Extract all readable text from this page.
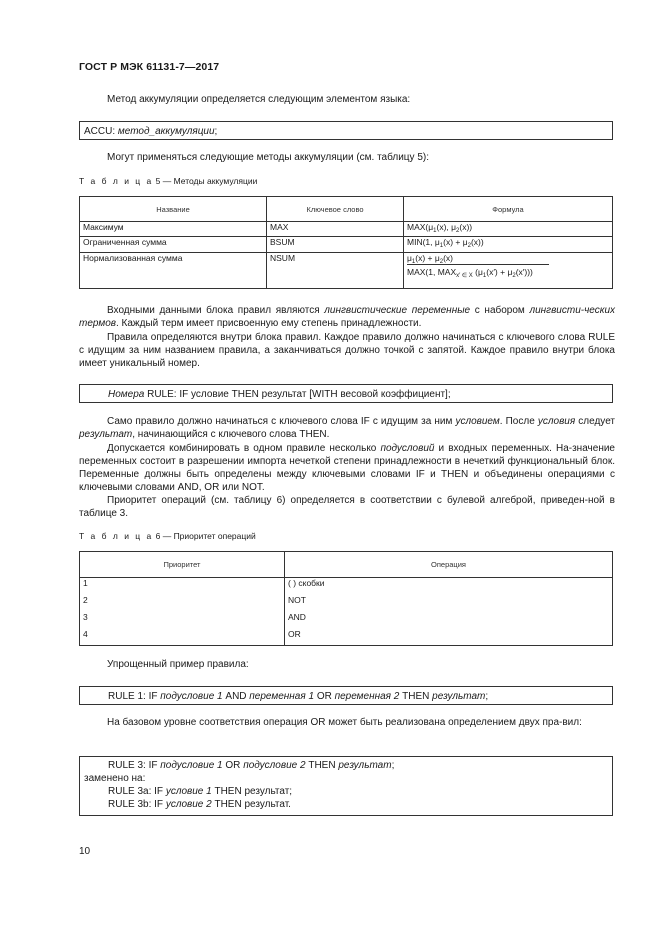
ГОСТ Р МЭК 61131-7—2017
Метод аккумуляции определяется следующим элементом языка:
ACCU: метод_аккумуляции;
Могут применяться следующие методы аккумуляции (см. таблицу 5):
Т а б л и ц а 5 — Методы аккумуляции
Название	Ключевое слово	Формула
Максимум	MAX	$MAX(\mu_1(x)$, $\mu_2(x)$)
Ограниченная сумма	BSUM	MIN(1, $\mu_1(x) + \mu_2(x)$)
Нормализованная сумма	NSUM	$\frac{\mu_1(x) + \mu_2(x)}{MAX(1, MAX_{x' \in X} (\mu_1(x') + \mu_2(x')))}$
Входными данными блока правил являются лингвистические переменные с набором лингвисти-ческих термов. Каждый терм имеет присвоенную ему степень принадлежности.
Правила определяются внутри блока правил. Каждое правило должно начинаться с ключевого слова RULE с идущим за ним названием правила, а заканчиваться должно точкой с запятой. Каждое правило внутри блока имеет уникальный номер.
Номера RULE: IF условие THEN результат [WITH весовой коэффициент];
Само правило должно начинаться с ключевого слова IF с идущим за ним условием. После условия следует результат, начинающийся с ключевого слова THEN.
Допускается комбинировать в одном правиле несколько подусловий и входных переменных. На-значение переменных состоит в разрешении импорта нечеткой степени принадлежности в нечеткий функциональный блок. Переменные должны быть определены между ключевыми словами IF и THEN и объединены операциями с ключевыми словами AND, OR или NOT.
Приоритет операций (см. таблицу 6) определяется в соответствии с булевой алгеброй, приведен-ной в таблице 3.
Т а б л и ц а 6 — Приоритет операций
Приоритет	Операция
1	( ) скобки
2	NOT
3	AND
4	OR
Упрощенный пример правила:
RULE 1: IF подусловие 1 AND переменная 1 OR переменная 2 THEN результат;
На базовом уровне соответствия операция OR может быть реализована определением двух пра-вил:
RULE 3: IF подусловие 1 OR подусловие 2 THEN результат;
заменено на:
RULE 3a: IF условие 1 THEN результат;
RULE 3b: IF условие 2 THEN результат.
10
